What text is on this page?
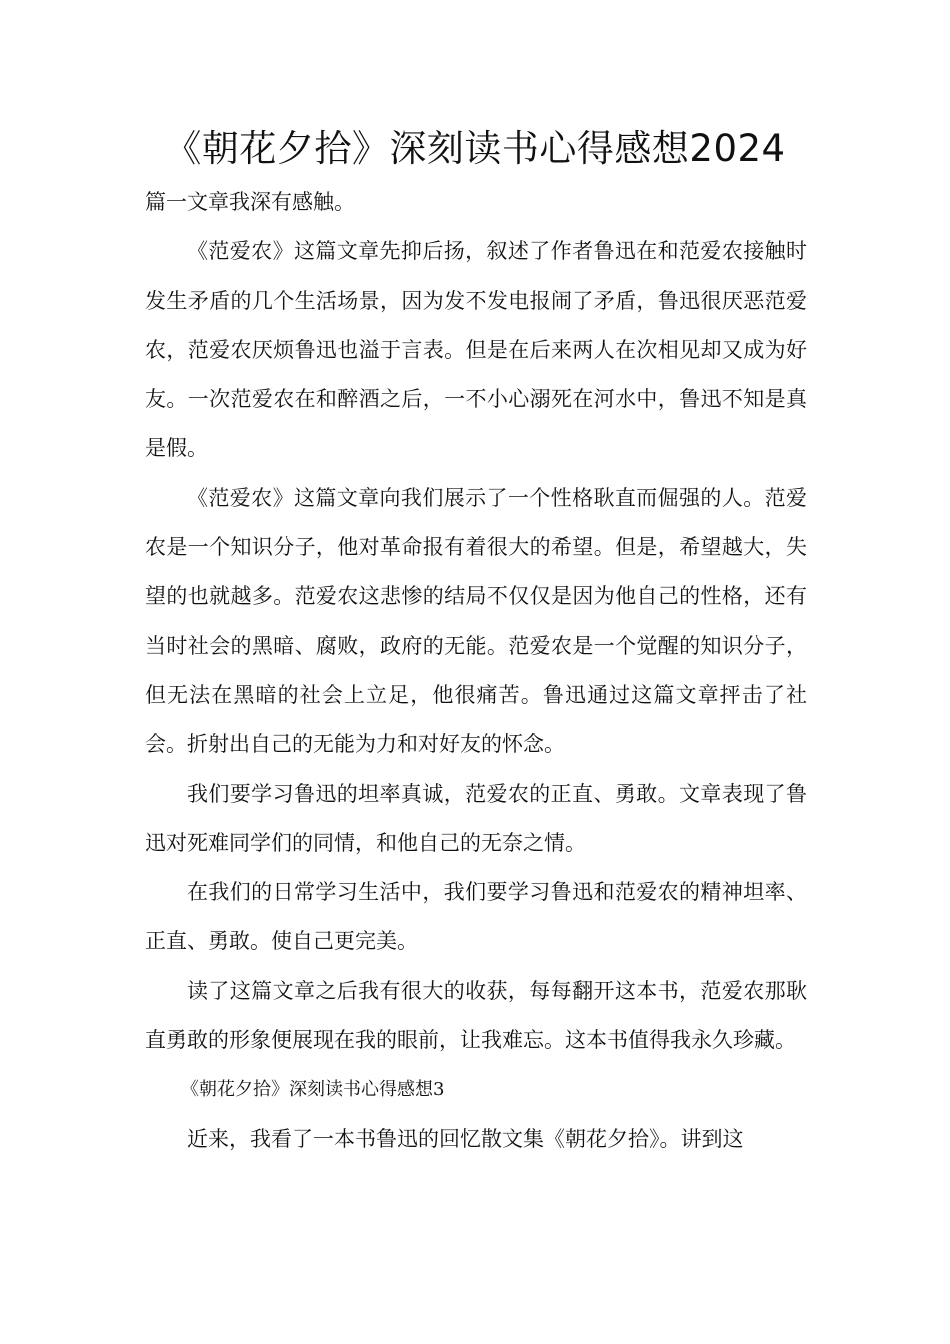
《朝花夕拾》深刻读书心得感想2024

篇一文章我深有感触。

《范爱农》这篇文章先抑后扬，叙述了作者鲁迅在和范爱农接触时发生矛盾的几个生活场景，因为发不发电报闹了矛盾，鲁迅很厌恶范爱农，范爱农厌烦鲁迅也溢于言表。但是在后来两人在次相见却又成为好友。一次范爱农在和醉酒之后，一不小心溺死在河水中，鲁迅不知是真是假。

《范爱农》这篇文章向我们展示了一个性格耿直而倔强的人。范爱农是一个知识分子，他对革命报有着很大的希望。但是，希望越大，失望的也就越多。范爱农这悲惨的结局不仅仅是因为他自己的性格，还有当时社会的黑暗、腐败，政府的无能。范爱农是一个觉醒的知识分子，但无法在黑暗的社会上立足，他很痛苦。鲁迅通过这篇文章抨击了社会。折射出自己的无能为力和对好友的怀念。

我们要学习鲁迅的坦率真诚，范爱农的正直、勇敢。文章表现了鲁迅对死难同学们的同情，和他自己的无奈之情。

在我们的日常学习生活中，我们要学习鲁迅和范爱农的精神坦率、正直、勇敢。使自己更完美。

读了这篇文章之后我有很大的收获，每每翻开这本书，范爱农那耿直勇敢的形象便展现在我的眼前，让我难忘。这本书值得我永久珍藏。

《朝花夕拾》深刻读书心得感想3

近来，我看了一本书鲁迅的回忆散文集《朝花夕拾》。讲到这
